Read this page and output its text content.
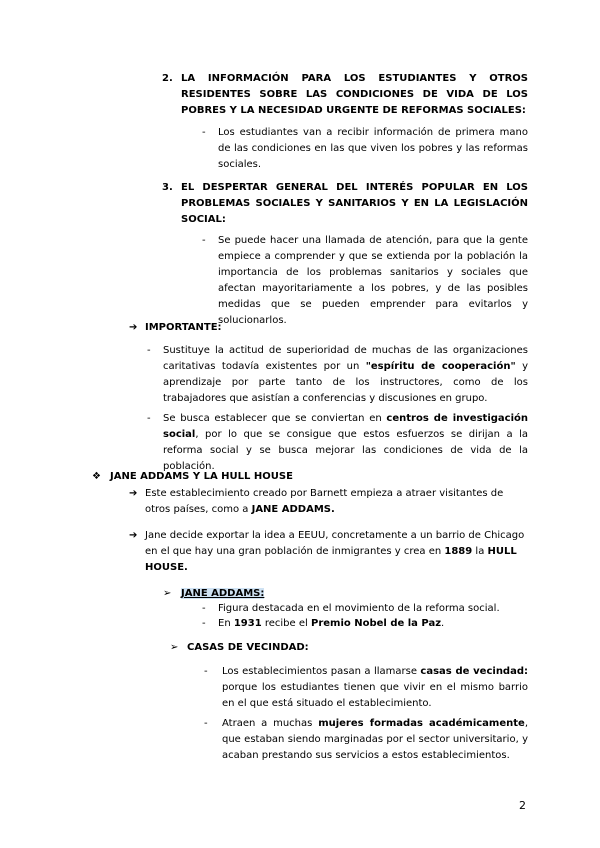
2. LA INFORMACIÓN PARA LOS ESTUDIANTES Y OTROS RESIDENTES SOBRE LAS CONDICIONES DE VIDA DE LOS POBRES Y LA NECESIDAD URGENTE DE REFORMAS SOCIALES:

- Los estudiantes van a recibir información de primera mano de las condiciones en las que viven los pobres y las reformas sociales.

3. EL DESPERTAR GENERAL DEL INTERÉS POPULAR EN LOS PROBLEMAS SOCIALES Y SANITARIOS Y EN LA LEGISLACIÓN SOCIAL:

- Se puede hacer una llamada de atención, para que la gente empiece a comprender y que se extienda por la población la importancia de los problemas sanitarios y sociales que afectan mayoritariamente a los pobres, y de las posibles medidas que se pueden emprender para evitarlos y solucionarlos.

➔ IMPORTANTE:

- Sustituye la actitud de superioridad de muchas de las organizaciones caritativas todavía existentes por un "espíritu de cooperación" y aprendizaje por parte tanto de los instructores, como de los trabajadores que asistían a conferencias y discusiones en grupo.

- Se busca establecer que se conviertan en centros de investigación social, por lo que se consigue que estos esfuerzos se dirijan a la reforma social y se busca mejorar las condiciones de vida de la población.

❖ JANE ADDAMS Y LA HULL HOUSE

➔ Este establecimiento creado por Barnett empieza a atraer visitantes de otros países, como a JANE ADDAMS.

➔ Jane decide exportar la idea a EEUU, concretamente a un barrio de Chicago en el que hay una gran población de inmigrantes y crea en 1889 la HULL HOUSE.

➢ JANE ADDAMS:

- Figura destacada en el movimiento de la reforma social.

- En 1931 recibe el Premio Nobel de la Paz.

➢ CASAS DE VECINDAD:

- Los establecimientos pasan a llamarse casas de vecindad: porque los estudiantes tienen que vivir en el mismo barrio en el que está situado el establecimiento.

- Atraen a muchas mujeres formadas académicamente, que estaban siendo marginadas por el sector universitario, y acaban prestando sus servicios a estos establecimientos.

2
